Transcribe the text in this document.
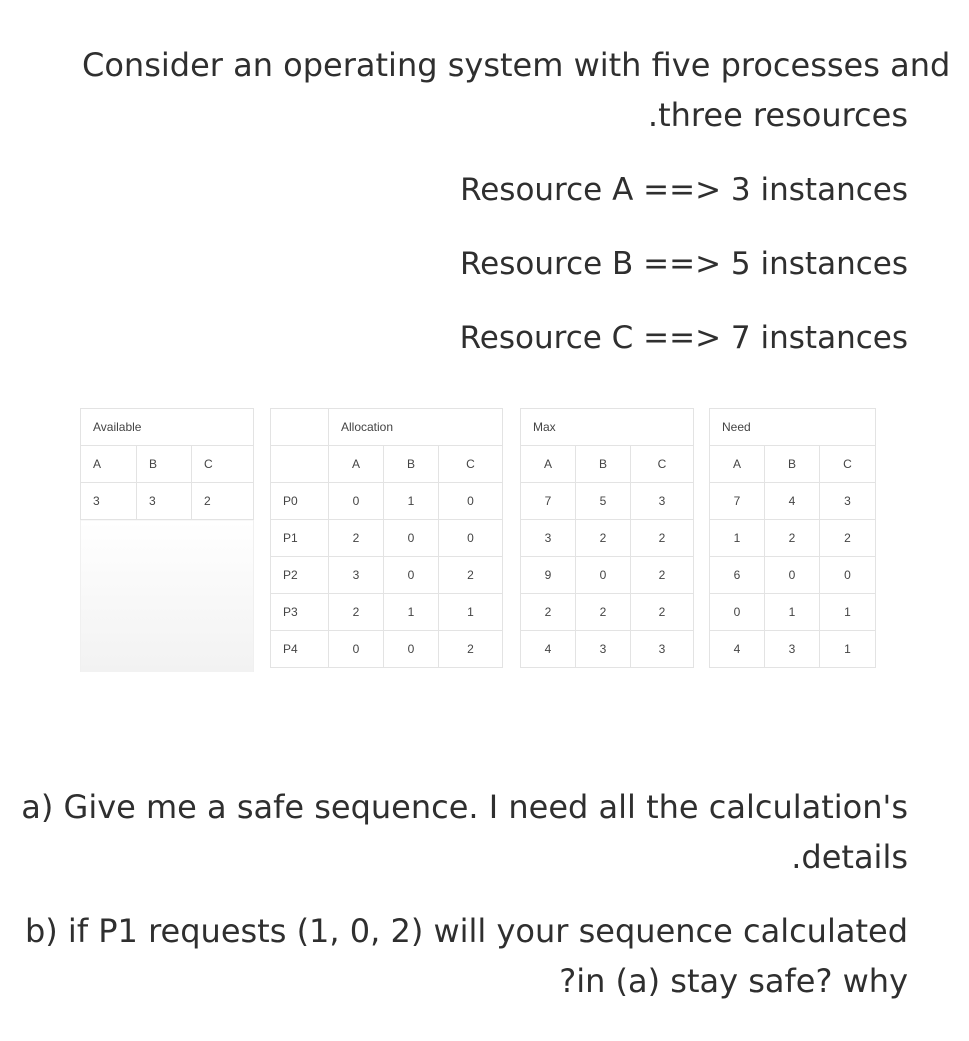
Consider an operating system with five processes and
.three resources
Resource A ==> 3 instances
Resource B ==> 5 instances
Resource C ==> 7 instances
Available		
A	B	C
3	3	2

	Allocation				Max				Need		
	A	B	C		A	B	C		A	B	C
P0	0	1	0		7	5	3		7	4	3
P1	2	0	0		3	2	2		1	2	2
P2	3	0	2		9	0	2		6	0	0
P3	2	1	1		2	2	2		0	1	1
P4	0	0	2		4	3	3		4	3	1
a) Give me a safe sequence. I need all the calculation's
.details
b) if P1 requests (1, 0, 2) will your sequence calculated
?in (a) stay safe? why
